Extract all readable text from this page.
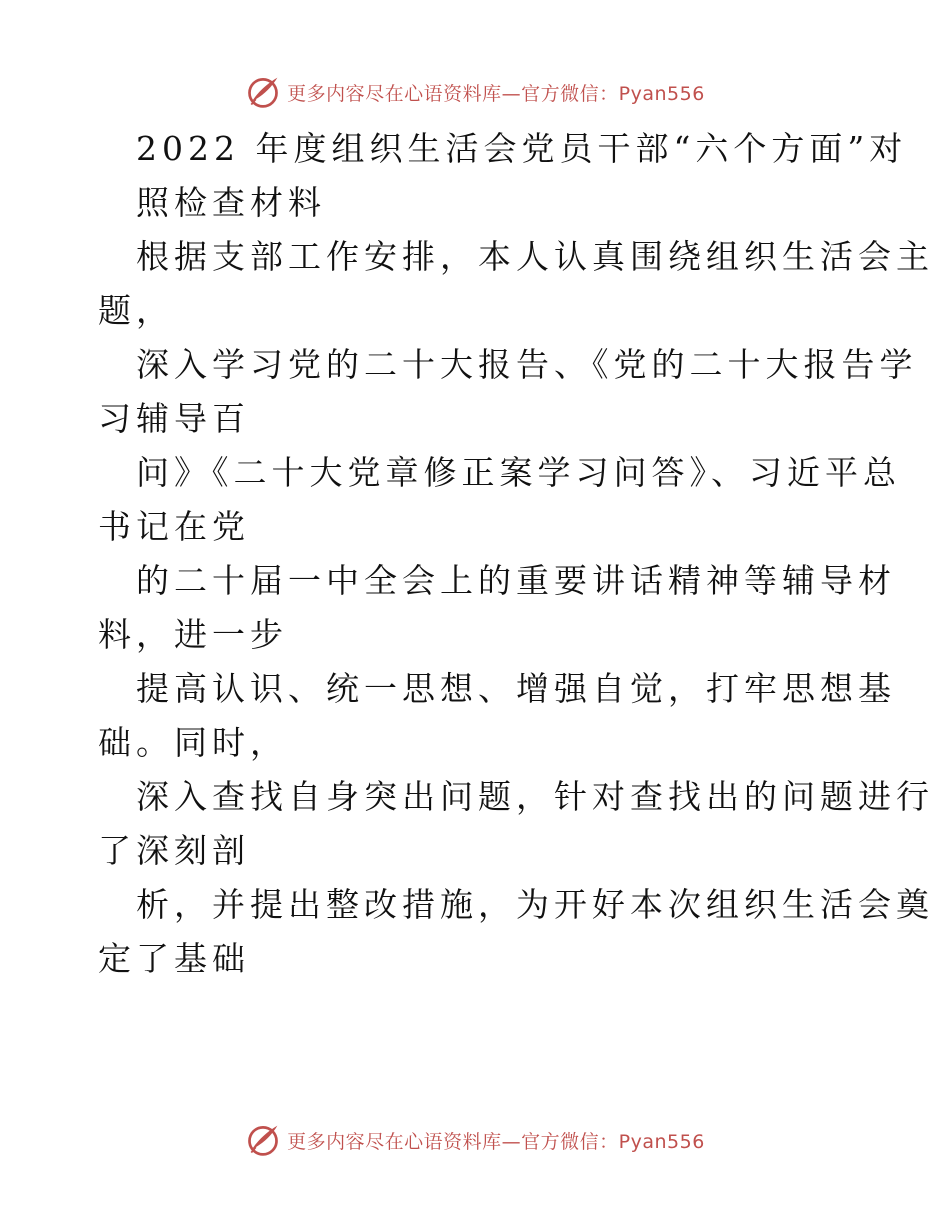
更多内容尽在心语资料库—官方微信：Pyan556

2022 年度组织生活会党员干部“六个方面”对

照检查材料

根据支部工作安排，本人认真围绕组织生活会主

题，

深入学习党的二十大报告、《党的二十大报告学

习辅导百

问》《二十大党章修正案学习问答》、习近平总

书记在党

的二十届一中全会上的重要讲话精神等辅导材

料，进一步

提高认识、统一思想、增强自觉，打牢思想基

础。同时，

深入查找自身突出问题，针对查找出的问题进行

了深刻剖

析，并提出整改措施，为开好本次组织生活会奠

定了基础

更多内容尽在心语资料库—官方微信：Pyan556
